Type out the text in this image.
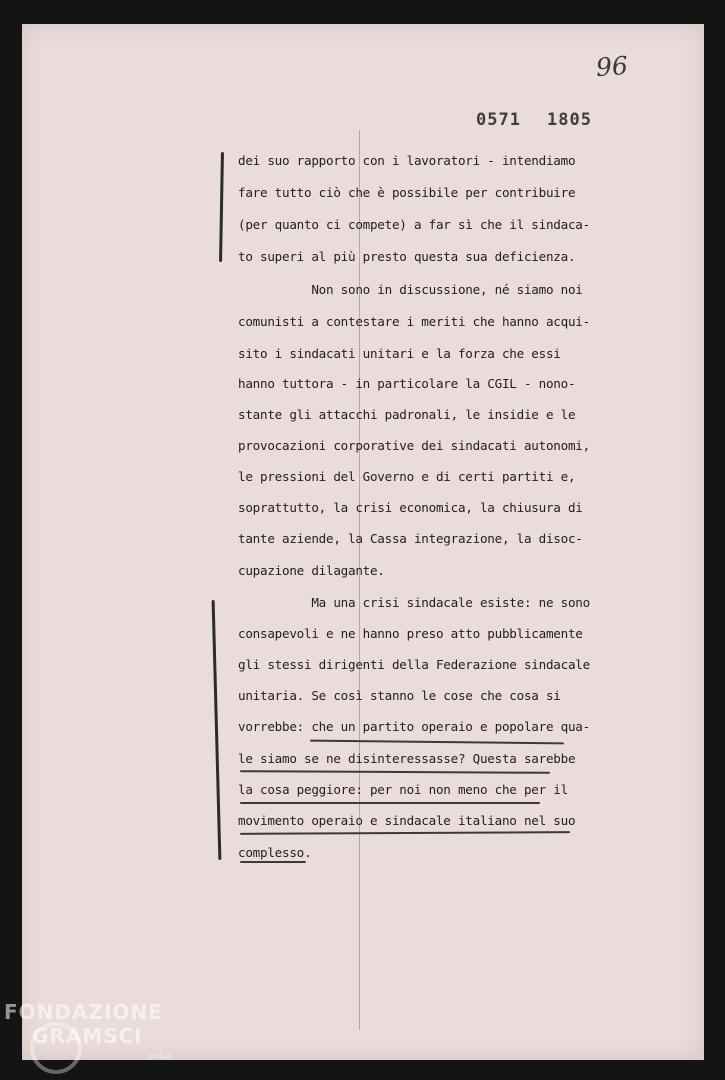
96
0571 1805
dei suo rapporto con i lavoratori - intendiamo
fare tutto ciò che è possibile per contribuire
(per quanto ci compete) a far sì che il sindaca-
to superi al più presto questa sua deficienza.
Non sono in discussione, né siamo noi
comunisti a contestare i meriti che hanno acqui-
sito i sindacati unitari e la forza che essi
hanno tuttora - in particolare la CGIL - nono-
stante gli attacchi padronali, le insidie e le
provocazioni corporative dei sindacati autonomi,
le pressioni del Governo e di certi partiti e,
soprattutto, la crisi economica, la chiusura di
tante aziende, la Cassa integrazione, la disoc-
cupazione dilagante.
Ma una crisi sindacale esiste: ne sono
consapevoli e ne hanno preso atto pubblicamente
gli stessi dirigenti della Federazione sindacale
unitaria. Se così stanno le cose che cosa si
vorrebbe: che un partito operaio e popolare qua-
le siamo se ne disinteressasse? Questa sarebbe
la cosa peggiore: per noi non meno che per il
movimento operaio e sindacale italiano nel suo
complesso.
FONDAZIONE
GRAMSCI
onlus
